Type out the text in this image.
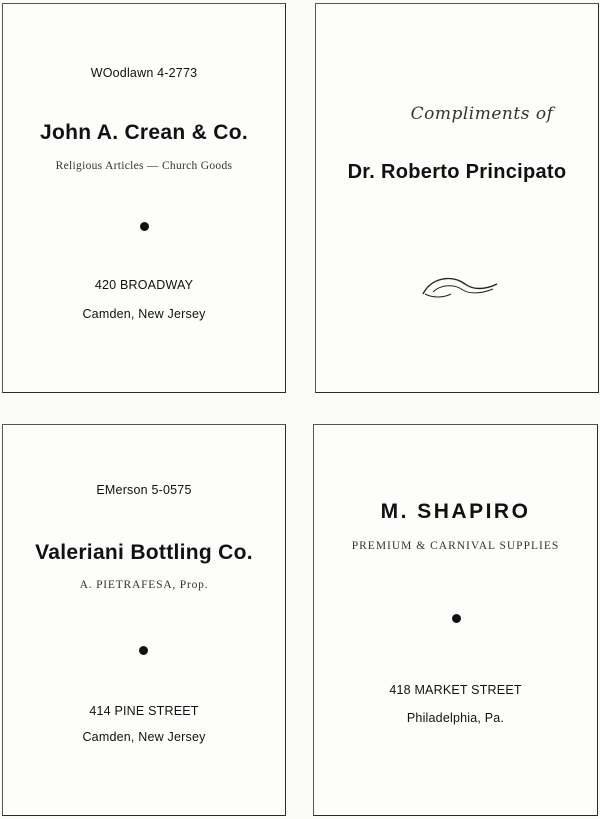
WOodlawn 4-2773
John A. Crean & Co.
Religious Articles — Church Goods
420 BROADWAY
Camden, New Jersey
Compliments of
Dr. Roberto Principato
EMerson 5-0575
Valeriani Bottling Co.
A. PIETRAFESA, Prop.
414 PINE STREET
Camden, New Jersey
M. SHAPIRO
PREMIUM & CARNIVAL SUPPLIES
418 MARKET STREET
Philadelphia, Pa.
